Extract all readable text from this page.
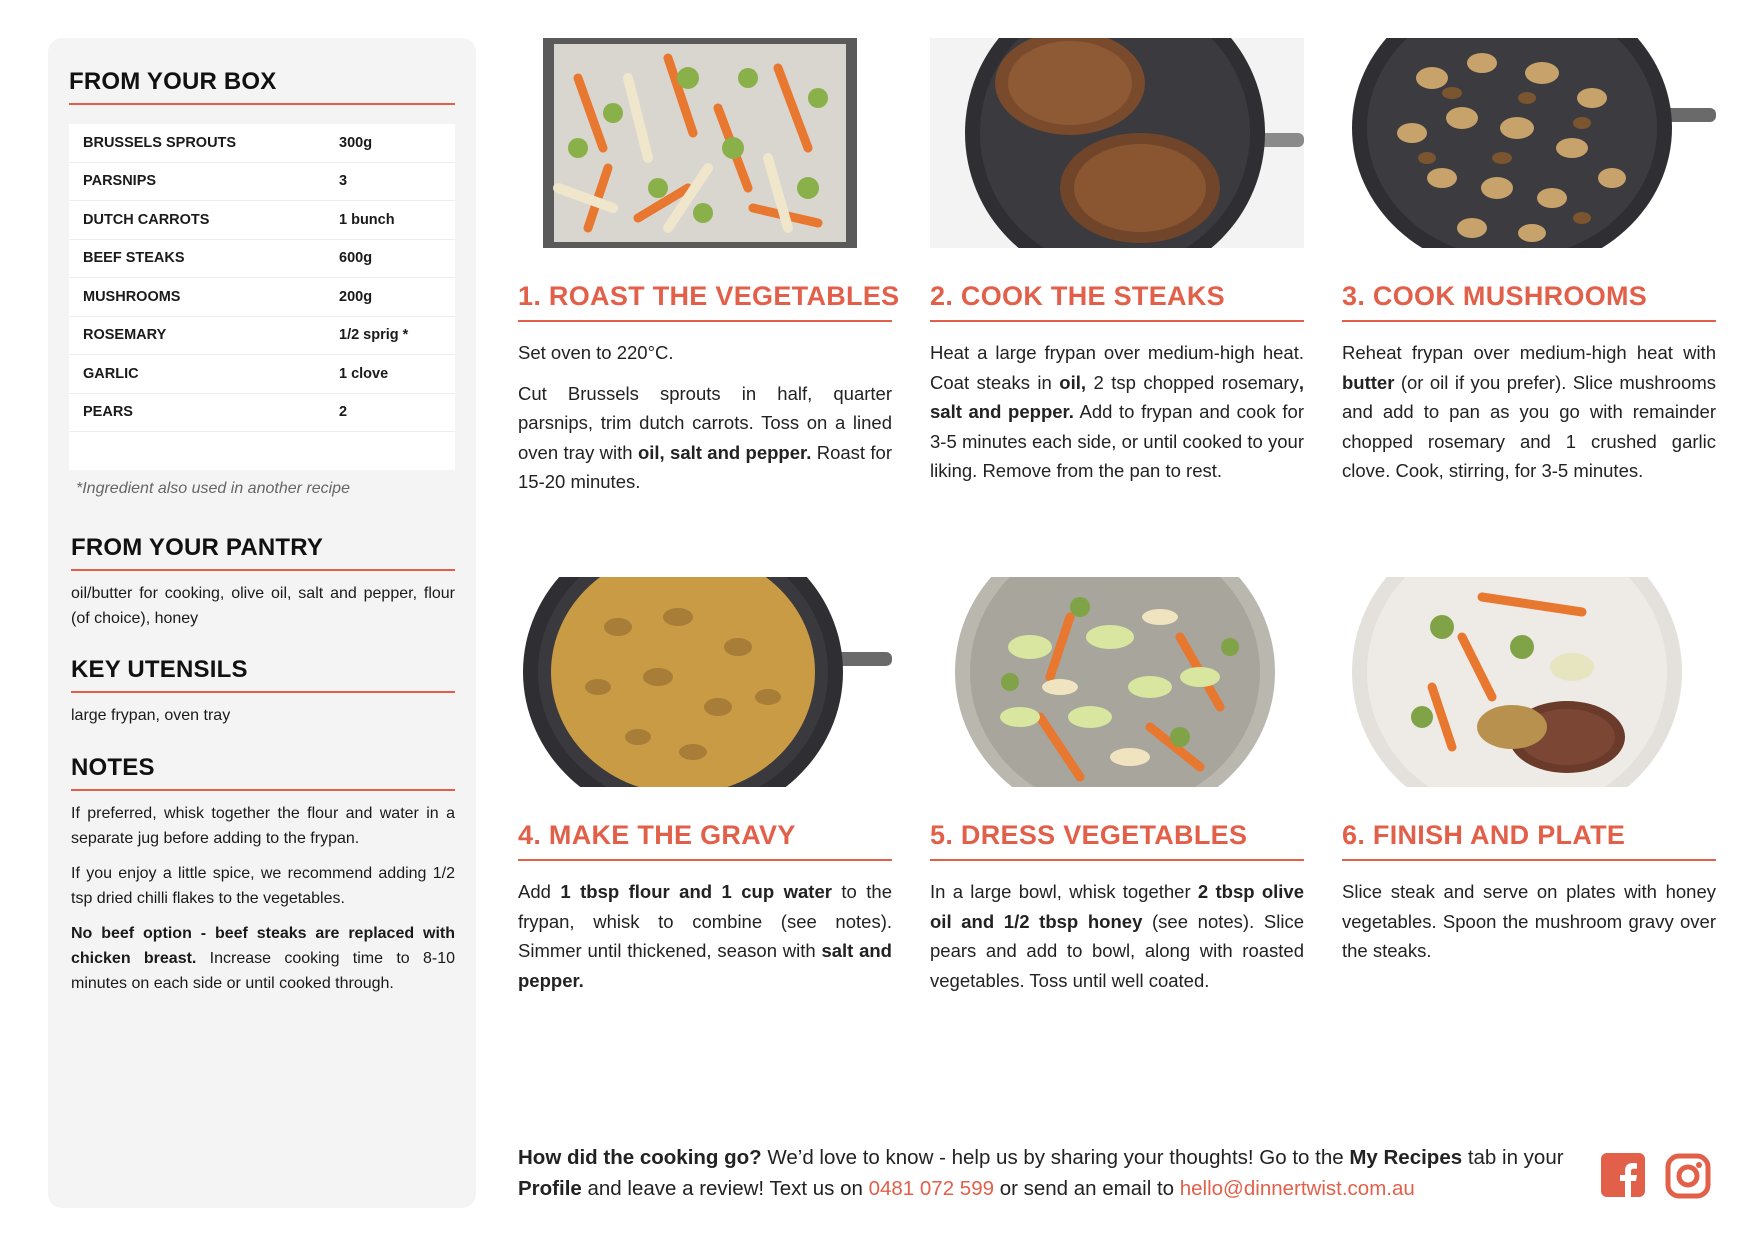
FROM YOUR BOX
BRUSSELS SPROUTS	300g
PARSNIPS	3
DUTCH CARROTS	1 bunch
BEEF STEAKS	600g
MUSHROOMS	200g
ROSEMARY	1/2 sprig *
GARLIC	1 clove
PEARS	2
*Ingredient also used in another recipe
FROM YOUR PANTRY
oil/butter for cooking, olive oil, salt and pepper, flour (of choice), honey
KEY UTENSILS
large frypan, oven tray
NOTES

If preferred, whisk together the flour and water in a separate jug before adding to the frypan.

If you enjoy a little spice, we recommend adding 1/2 tsp dried chilli flakes to the vegetables.

No beef option - beef steaks are replaced with chicken breast. Increase cooking time to 8-10 minutes on each side or until cooked through.

1. ROAST THE VEGETABLES

Set oven to 220°C.

Cut Brussels sprouts in half, quarter parsnips, trim dutch carrots. Toss on a lined oven tray with oil, salt and pepper. Roast for 15-20 minutes.

2. COOK THE STEAKS

Heat a large frypan over medium-high heat. Coat steaks in oil, 2 tsp chopped rosemary, salt and pepper. Add to frypan and cook for 3-5 minutes each side, or until cooked to your liking. Remove from the pan to rest.

3. COOK MUSHROOMS

Reheat frypan over medium-high heat with butter (or oil if you prefer). Slice mushrooms and add to pan as you go with remainder chopped rosemary and 1 crushed garlic clove. Cook, stirring, for 3-5 minutes.

4. MAKE THE GRAVY

Add 1 tbsp flour and 1 cup water to the frypan, whisk to combine (see notes). Simmer until thickened, season with salt and pepper.

5. DRESS VEGETABLES

In a large bowl, whisk together 2 tbsp olive oil and 1/2 tbsp honey (see notes). Slice pears and add to bowl, along with roasted vegetables. Toss until well coated.

6. FINISH AND PLATE

Slice steak and serve on plates with honey vegetables. Spoon the mushroom gravy over the steaks.

How did the cooking go? We’d love to know - help us by sharing your thoughts! Go to the My Recipes tab in your Profile and leave a review! Text us on 0481 072 599 or send an email to hello@dinnertwist.com.au
